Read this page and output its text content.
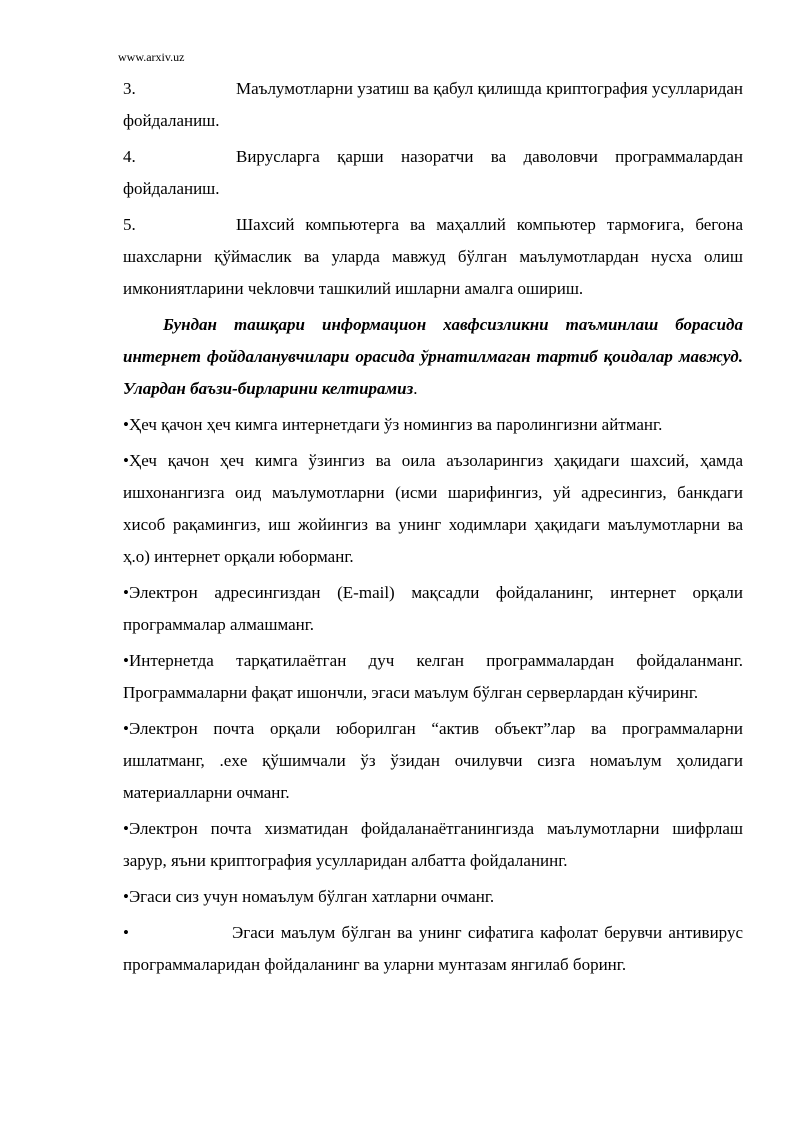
www.arxiv.uz

3.	Маълумотларни узатиш ва қабул қилишда криптография усулларидан фойдаланиш.

4.	Вирусларга қарши назоратчи ва даволовчи программалардан фойдаланиш.

5.	Шахсий компьютерга ва маҳаллий компьютер тармоғига, бегона шахсларни қўймаслик ва уларда мавжуд бўлган маълумотлардан нусха олиш имкониятларини чеkловчи ташкилий ишларни амалга ошириш.

Бундан ташқари информацион хавфсизликни таъминлаш борасида интернет фойдаланувчилари орасида ўрнатилмаган тартиб қоидалар мавжуд. Улардан баъзи-бирларини келтирамиз.

•Ҳеч қачон ҳеч кимга интернетдаги ўз номингиз ва паролингизни айтманг.

•Ҳеч қачон ҳеч кимга ўзингиз ва оила аъзоларингиз ҳақидаги шахсий, ҳамда ишхонангизга оид маълумотларни (исми шарифингиз, уй адресингиз, банкдаги хисоб рақамингиз, иш жойингиз ва унинг ходимлари ҳақидаги маълумотларни ва ҳ.о) интернет орқали юборманг.

•Электрон адресингиздан (E-mail) мақсадли фойдаланинг, интернет орқали программалар алмашманг.

•Интернетда тарқатилаётган дуч келган программалардан фойдаланманг. Программаларни фақат ишончли, эгаси маълум бўлган серверлардан кўчиринг.

•Электрон почта орқали юборилган “актив объект”лар ва программаларни ишлатманг, .exe қўшимчали ўз ўзидан очилувчи сизга номаълум ҳолидаги материалларни очманг.

•Электрон почта хизматидан фойдаланаётганингизда маълумотларни шифрлаш зарур, яъни криптография усулларидан албатта фойдаланинг.

•Эгаси сиз учун номаълум бўлган хатларни очманг.

•	Эгаси маълум бўлган ва унинг сифатига кафолат берувчи антивирус программаларидан фойдаланинг ва уларни мунтазам янгилаб боринг.
